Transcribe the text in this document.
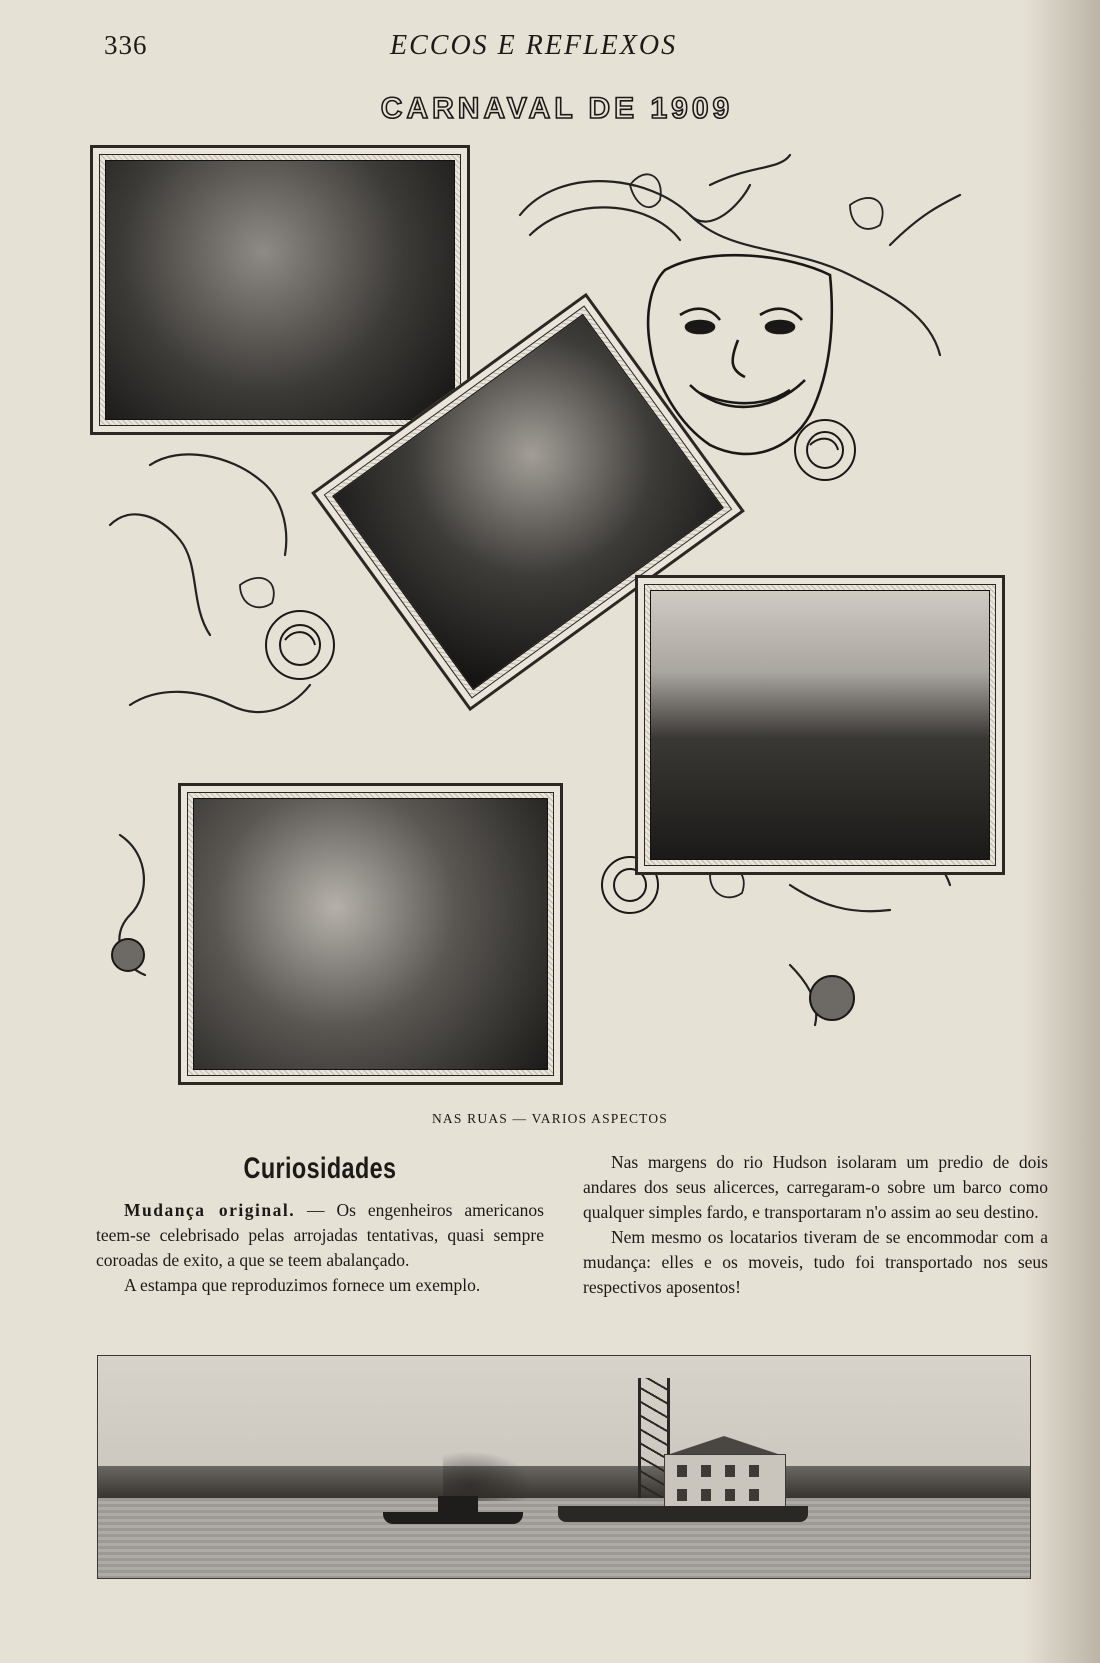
336	ECCOS E REFLEXOS
CARNAVAL DE 1909
NAS RUAS — VARIOS ASPECTOS
Curiosidades

Mudança original. — Os engenheiros americanos teem-se celebrisado pelas arrojadas tentativas, quasi sempre coroadas de exito, a que se teem abalançado.

A estampa que reproduzimos fornece um exemplo.

Nas margens do rio Hudson isolaram um predio de dois andares dos seus alicerces, carregaram-o sobre um barco como qualquer simples fardo, e transportaram n'o assim ao seu destino.

Nem mesmo os locatarios tiveram de se encommodar com a mudança: elles e os moveis, tudo foi transportado nos seus respectivos aposentos!
